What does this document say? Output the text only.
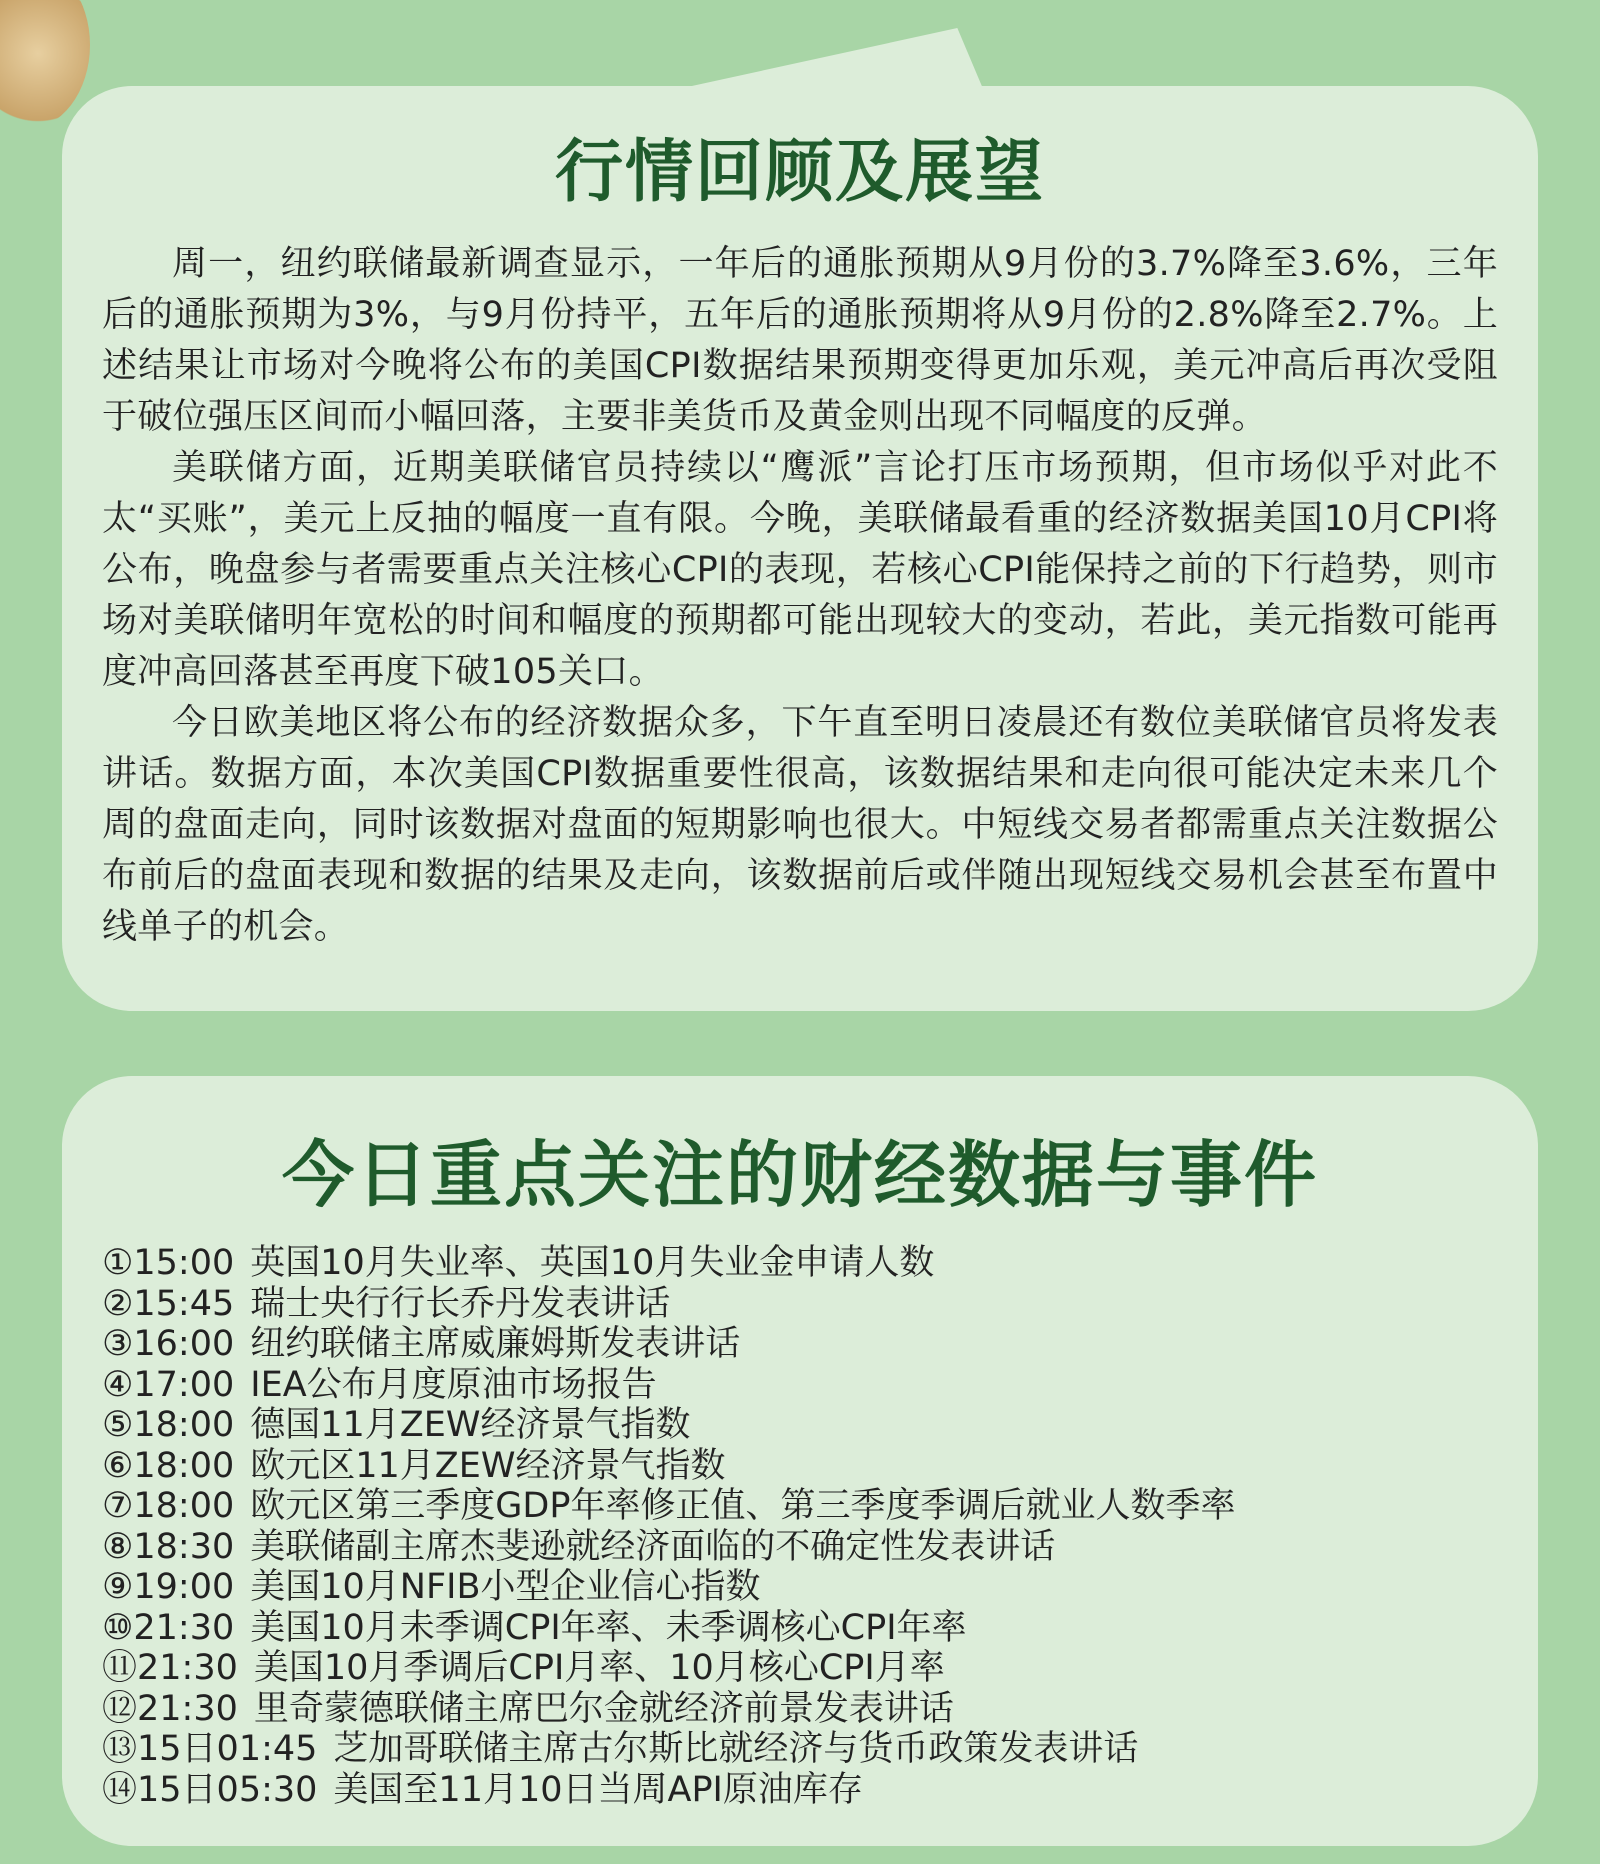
行情回顾及展望

周一，纽约联储最新调查显示，一年后的通胀预期从9月份的3.7%降至3.6%，三年后的通胀预期为3%，与9月份持平，五年后的通胀预期将从9月份的2.8%降至2.7%。上述结果让市场对今晚将公布的美国CPI数据结果预期变得更加乐观，美元冲高后再次受阻于破位强压区间而小幅回落，主要非美货币及黄金则出现不同幅度的反弹。

美联储方面，近期美联储官员持续以“鹰派”言论打压市场预期，但市场似乎对此不太“买账”，美元上反抽的幅度一直有限。今晚，美联储最看重的经济数据美国10月CPI将公布，晚盘参与者需要重点关注核心CPI的表现，若核心CPI能保持之前的下行趋势，则市场对美联储明年宽松的时间和幅度的预期都可能出现较大的变动，若此，美元指数可能再度冲高回落甚至再度下破105关口。

今日欧美地区将公布的经济数据众多，下午直至明日凌晨还有数位美联储官员将发表讲话。数据方面，本次美国CPI数据重要性很高，该数据结果和走向很可能决定未来几个周的盘面走向，同时该数据对盘面的短期影响也很大。中短线交易者都需重点关注数据公布前后的盘面表现和数据的结果及走向，该数据前后或伴随出现短线交易机会甚至布置中线单子的机会。

今日重点关注的财经数据与事件
①15:00 英国10月失业率、英国10月失业金申请人数
②15:45 瑞士央行行长乔丹发表讲话
③16:00 纽约联储主席威廉姆斯发表讲话
④17:00 IEA公布月度原油市场报告
⑤18:00 德国11月ZEW经济景气指数
⑥18:00 欧元区11月ZEW经济景气指数
⑦18:00 欧元区第三季度GDP年率修正值、第三季度季调后就业人数季率
⑧18:30 美联储副主席杰斐逊就经济面临的不确定性发表讲话
⑨19:00 美国10月NFIB小型企业信心指数
⑩21:30 美国10月未季调CPI年率、未季调核心CPI年率
⑪21:30 美国10月季调后CPI月率、10月核心CPI月率
⑫21:30 里奇蒙德联储主席巴尔金就经济前景发表讲话
⑬15日01:45 芝加哥联储主席古尔斯比就经济与货币政策发表讲话
⑭15日05:30 美国至11月10日当周API原油库存
